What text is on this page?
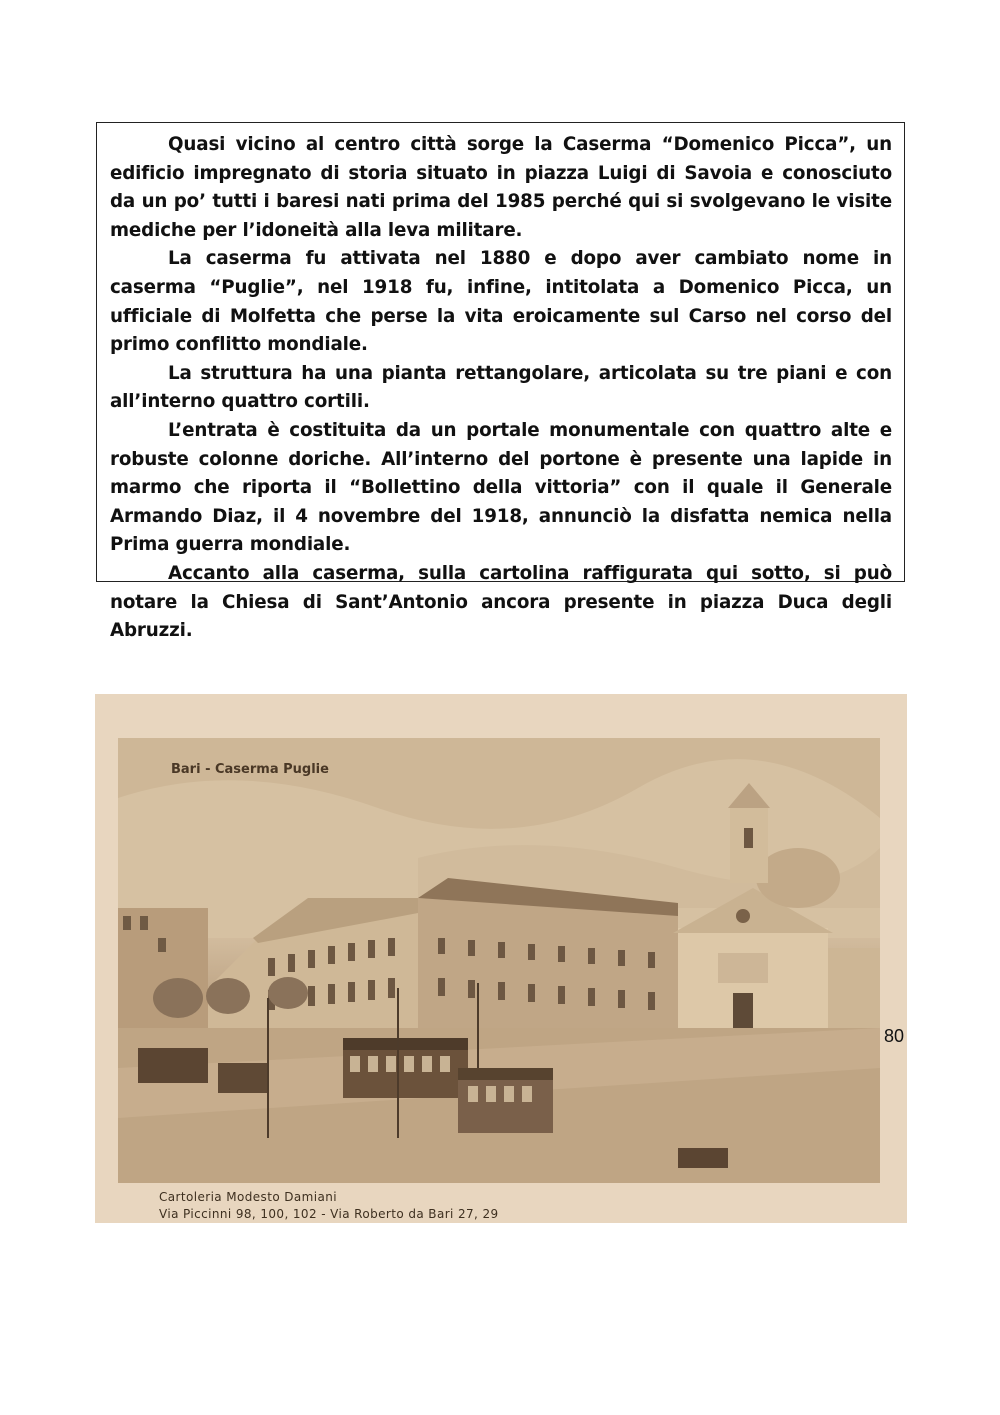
Quasi vicino al centro città sorge la Caserma “Domenico Picca”, un edificio impregnato di storia situato in piazza Luigi di Savoia e conosciuto da un po’ tutti i baresi nati prima del 1985 perché qui si svolgevano le visite mediche per l’idoneità alla leva militare.

La caserma fu attivata nel 1880 e dopo aver cambiato nome in caserma “Puglie”, nel 1918 fu, infine, intitolata a Domenico Picca, un ufficiale di Molfetta che perse la vita eroicamente sul Carso nel corso del primo conflitto mondiale.

La struttura ha una pianta rettangolare, articolata su tre piani e con all’interno quattro cortili.

L’entrata è costituita da un portale monumentale con quattro alte e robuste colonne doriche. All’interno del portone è presente una lapide in marmo che riporta il “Bollettino della vittoria” con il quale il Generale Armando Diaz, il 4 novembre del 1918, annunciò la disfatta nemica nella Prima guerra mondiale.

Accanto alla caserma, sulla cartolina raffigurata qui sotto, si può notare la Chiesa di Sant’Antonio ancora presente in piazza Duca degli Abruzzi.

Bari - Caserma Puglie
Cartoleria Modesto Damiani
Via Piccinni 98, 100, 102 - Via Roberto da Bari 27, 29
80
